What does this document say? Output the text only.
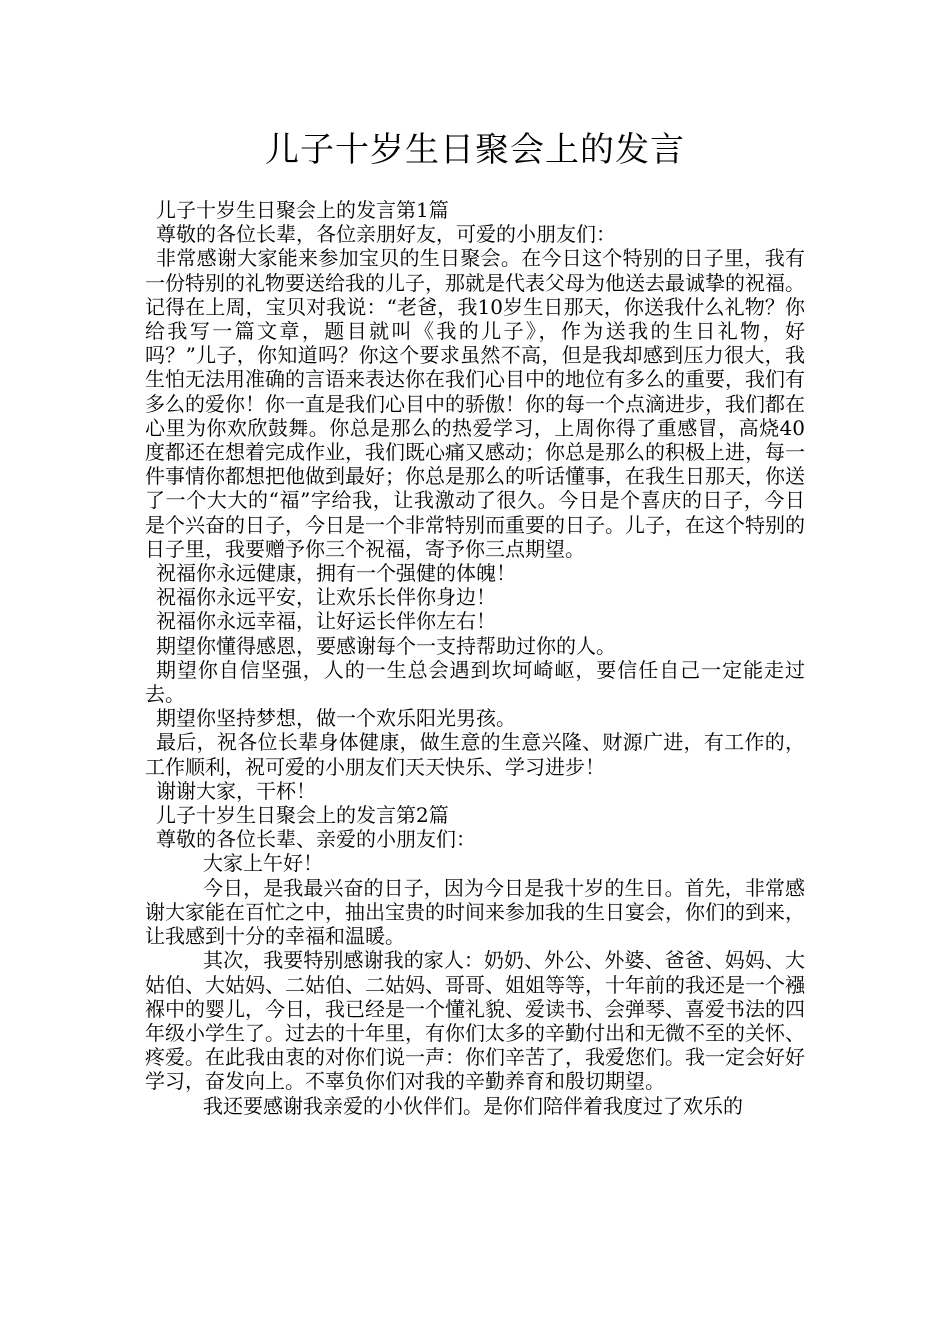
儿子十岁生日聚会上的发言

儿子十岁生日聚会上的发言第1篇

尊敬的各位长辈，各位亲朋好友，可爱的小朋友们：

非常感谢大家能来参加宝贝的生日聚会。在今日这个特别的日子里，我有一份特别的礼物要送给我的儿子，那就是代表父母为他送去最诚挚的祝福。记得在上周，宝贝对我说：“老爸，我10岁生日那天，你送我什么礼物？你给我写一篇文章，题目就叫《我的儿子》，作为送我的生日礼物，好吗？”儿子，你知道吗？你这个要求虽然不高，但是我却感到压力很大，我生怕无法用准确的言语来表达你在我们心目中的地位有多么的重要，我们有多么的爱你！你一直是我们心目中的骄傲！你的每一个点滴进步，我们都在心里为你欢欣鼓舞。你总是那么的热爱学习，上周你得了重感冒，高烧40度都还在想着完成作业，我们既心痛又感动；你总是那么的积极上进，每一件事情你都想把他做到最好；你总是那么的听话懂事，在我生日那天，你送了一个大大的“福”字给我，让我激动了很久。今日是个喜庆的日子，今日是个兴奋的日子，今日是一个非常特别而重要的日子。儿子，在这个特别的日子里，我要赠予你三个祝福，寄予你三点期望。

祝福你永远健康，拥有一个强健的体魄！

祝福你永远平安，让欢乐长伴你身边！

祝福你永远幸福，让好运长伴你左右！

期望你懂得感恩，要感谢每个一支持帮助过你的人。

期望你自信坚强，人的一生总会遇到坎坷崎岖，要信任自己一定能走过去。

期望你坚持梦想，做一个欢乐阳光男孩。

最后，祝各位长辈身体健康，做生意的生意兴隆、财源广进，有工作的，工作顺利，祝可爱的小朋友们天天快乐、学习进步！

谢谢大家，干杯！

儿子十岁生日聚会上的发言第2篇

尊敬的各位长辈、亲爱的小朋友们：

大家上午好！

今日，是我最兴奋的日子，因为今日是我十岁的生日。首先，非常感谢大家能在百忙之中，抽出宝贵的时间来参加我的生日宴会，你们的到来，让我感到十分的幸福和温暖。

其次，我要特别感谢我的家人：奶奶、外公、外婆、爸爸、妈妈、大姑伯、大姑妈、二姑伯、二姑妈、哥哥、姐姐等等，十年前的我还是一个襁褓中的婴儿，今日，我已经是一个懂礼貌、爱读书、会弹琴、喜爱书法的四年级小学生了。过去的十年里，有你们太多的辛勤付出和无微不至的关怀、疼爱。在此我由衷的对你们说一声：你们辛苦了，我爱您们。我一定会好好学习，奋发向上。不辜负你们对我的辛勤养育和殷切期望。

我还要感谢我亲爱的小伙伴们。是你们陪伴着我度过了欢乐的
